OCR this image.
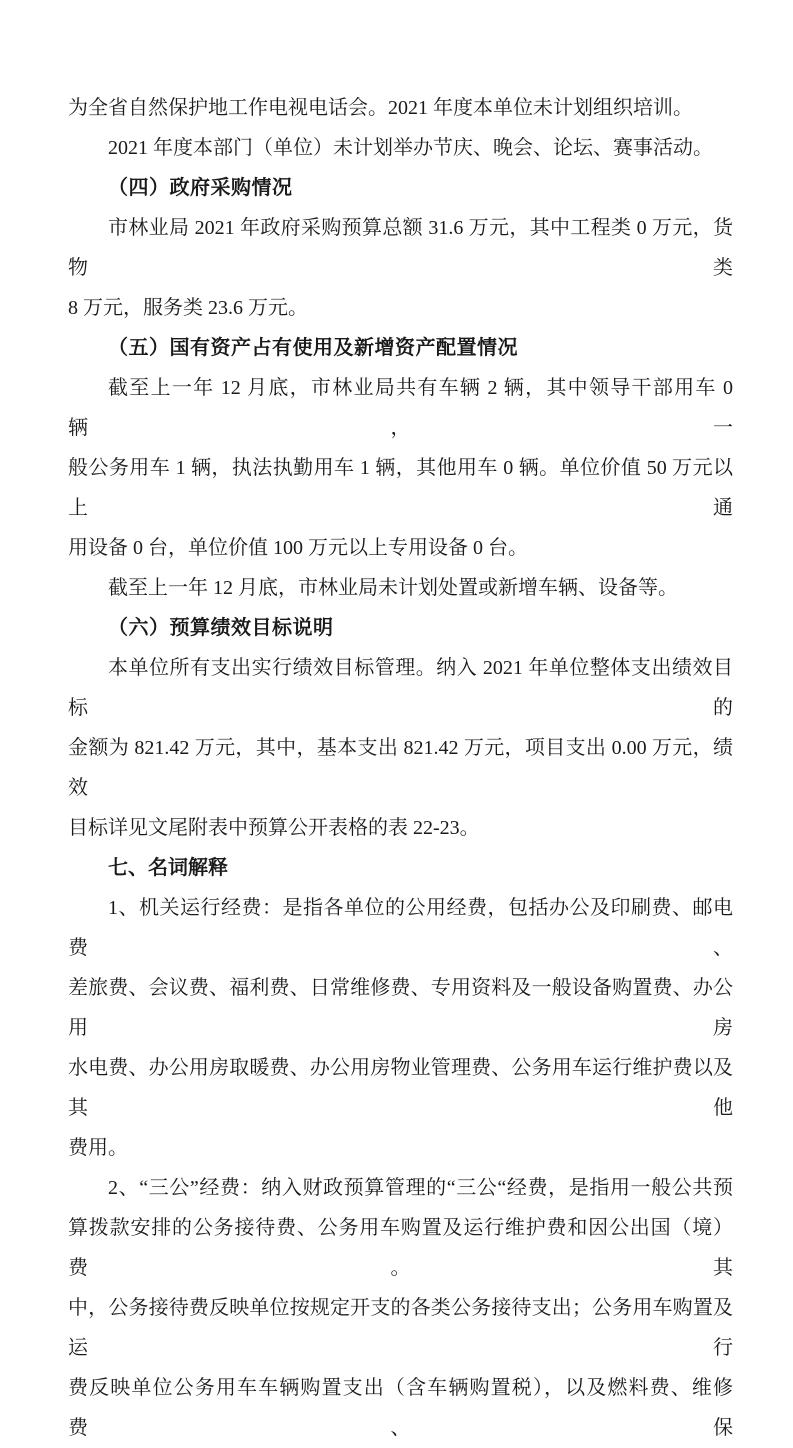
为全省自然保护地工作电视电话会。2021 年度本单位未计划组织培训。
2021 年度本部门（单位）未计划举办节庆、晚会、论坛、赛事活动。
（四）政府采购情况
市林业局 2021 年政府采购预算总额 31.6 万元，其中工程类 0 万元，货物类
8 万元，服务类 23.6 万元。
（五）国有资产占有使用及新增资产配置情况
截至上一年 12 月底，市林业局共有车辆 2 辆，其中领导干部用车 0 辆，一
般公务用车 1 辆，执法执勤用车 1 辆，其他用车 0 辆。单位价值 50 万元以上通
用设备 0 台，单位价值 100 万元以上专用设备 0 台。
截至上一年 12 月底，市林业局未计划处置或新增车辆、设备等。
（六）预算绩效目标说明
本单位所有支出实行绩效目标管理。纳入 2021 年单位整体支出绩效目标的
金额为 821.42 万元，其中，基本支出 821.42 万元，项目支出 0.00 万元，绩效
目标详见文尾附表中预算公开表格的表 22-23。
七、名词解释
1、机关运行经费：是指各单位的公用经费，包括办公及印刷费、邮电费、
差旅费、会议费、福利费、日常维修费、专用资料及一般设备购置费、办公用房
水电费、办公用房取暖费、办公用房物业管理费、公务用车运行维护费以及其他
费用。
2、“三公”经费：纳入财政预算管理的“三公“经费，是指用一般公共预
算拨款安排的公务接待费、公务用车购置及运行维护费和因公出国（境）费。其
中，公务接待费反映单位按规定开支的各类公务接待支出；公务用车购置及运行
费反映单位公务用车车辆购置支出（含车辆购置税），以及燃料费、维修费、保
